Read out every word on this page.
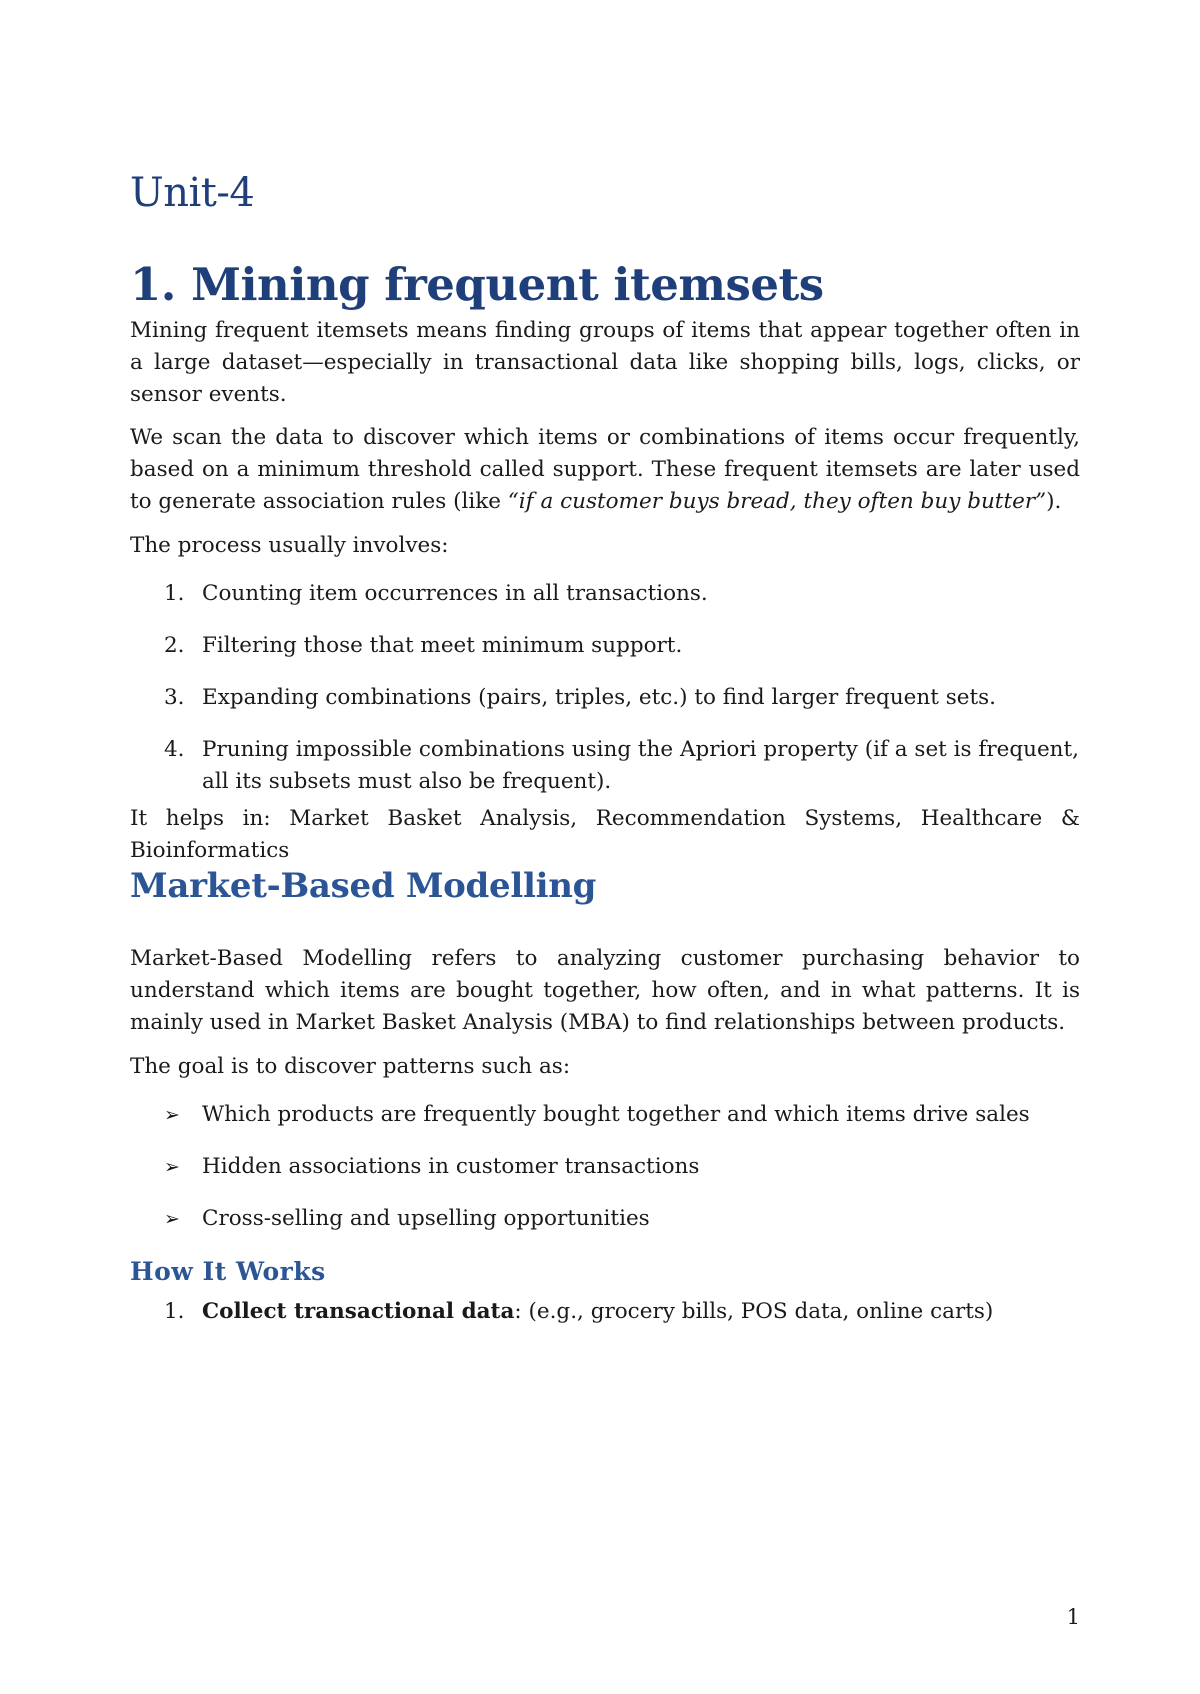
Unit-4
1. Mining frequent itemsets

Mining frequent itemsets means finding groups of items that appear together often in a large dataset—especially in transactional data like shopping bills, logs, clicks, or sensor events.

We scan the data to discover which items or combinations of items occur frequently, based on a minimum threshold called support. These frequent itemsets are later used to generate association rules (like “if a customer buys bread, they often buy butter”).

The process usually involves:

1. Counting item occurrences in all transactions.
2. Filtering those that meet minimum support.
3. Expanding combinations (pairs, triples, etc.) to find larger frequent sets.
4. Pruning impossible combinations using the Apriori property (if a set is frequent, all its subsets must also be frequent).

It helps in: Market Basket Analysis, Recommendation Systems, Healthcare & Bioinformatics

Market-Based Modelling

Market-Based Modelling refers to analyzing customer purchasing behavior to understand which items are bought together, how often, and in what patterns. It is mainly used in Market Basket Analysis (MBA) to find relationships between products.

The goal is to discover patterns such as:

➢ Which products are frequently bought together and which items drive sales
➢ Hidden associations in customer transactions
➢ Cross-selling and upselling opportunities
How It Works
1. Collect transactional data: (e.g., grocery bills, POS data, online carts)
1
